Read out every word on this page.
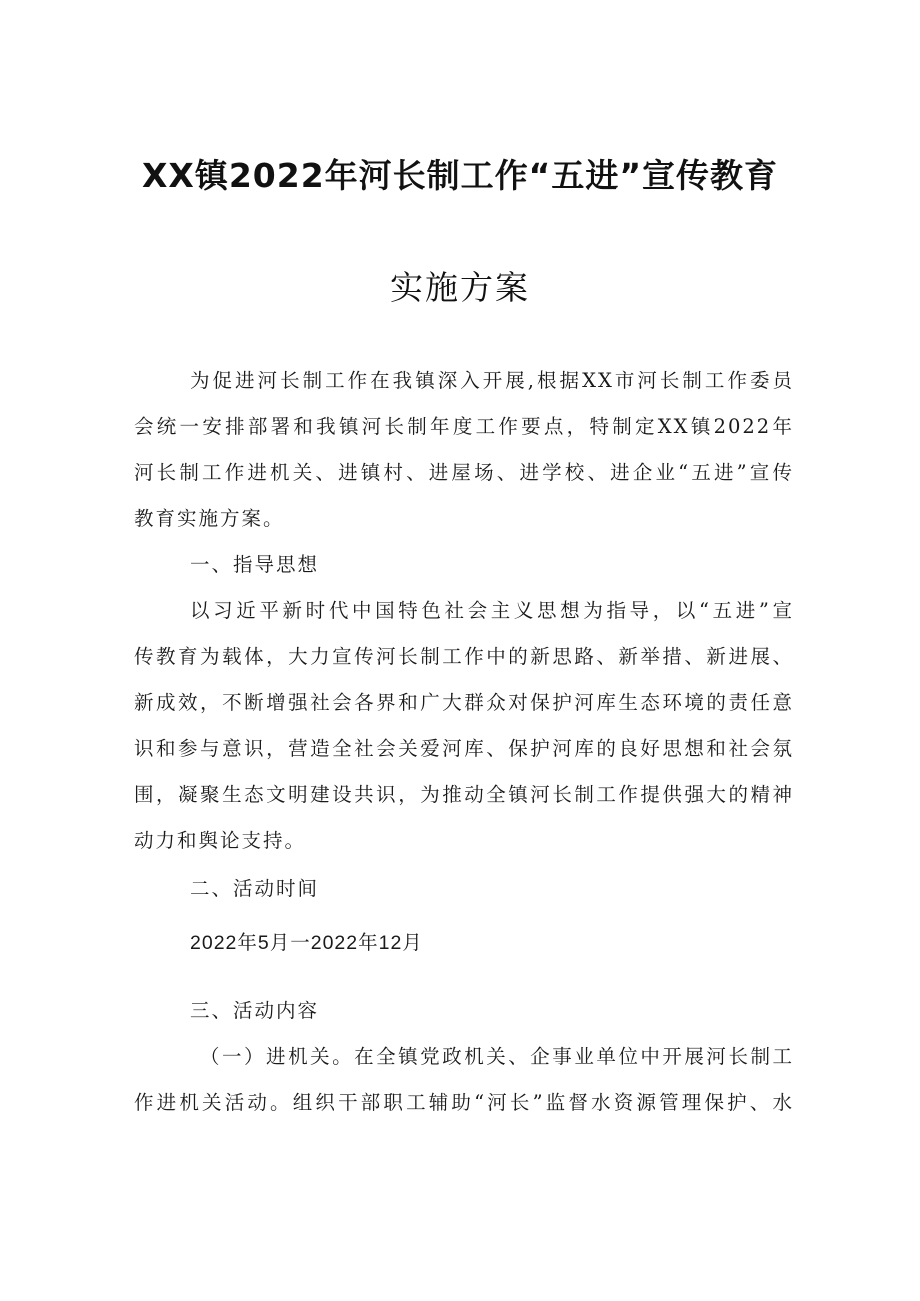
XX镇2022年河长制工作“五进”宣传教育
实施方案
为促进河长制工作在我镇深入开展,根据XX市河长制工作委员
会统一安排部署和我镇河长制年度工作要点，特制定XX镇2022年
河长制工作进机关、进镇村、进屋场、进学校、进企业“五进”宣传
教育实施方案。
一、指导思想
以习近平新时代中国特色社会主义思想为指导，以“五进”宣
传教育为载体，大力宣传河长制工作中的新思路、新举措、新进展、
新成效，不断增强社会各界和广大群众对保护河库生态环境的责任意
识和参与意识，营造全社会关爱河库、保护河库的良好思想和社会氛
围，凝聚生态文明建设共识，为推动全镇河长制工作提供强大的精神
动力和舆论支持。
二、活动时间
2022年5月一2022年12月
三、活动内容
（一）进机关。在全镇党政机关、企事业单位中开展河长制工
作进机关活动。组织干部职工辅助“河长”监督水资源管理保护、水
